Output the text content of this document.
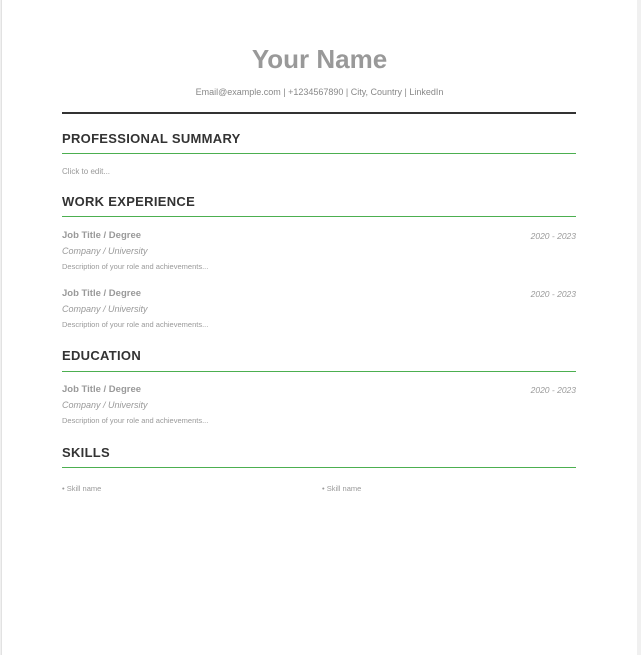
Your Name
Email@example.com | +1234567890 | City, Country | LinkedIn
PROFESSIONAL SUMMARY
Click to edit...
WORK EXPERIENCE
Job Title / Degree	2020 - 2023
Company / University
Description of your role and achievements...
Job Title / Degree	2020 - 2023
Company / University
Description of your role and achievements...
EDUCATION
Job Title / Degree	2020 - 2023
Company / University
Description of your role and achievements...
SKILLS
• Skill name	• Skill name
